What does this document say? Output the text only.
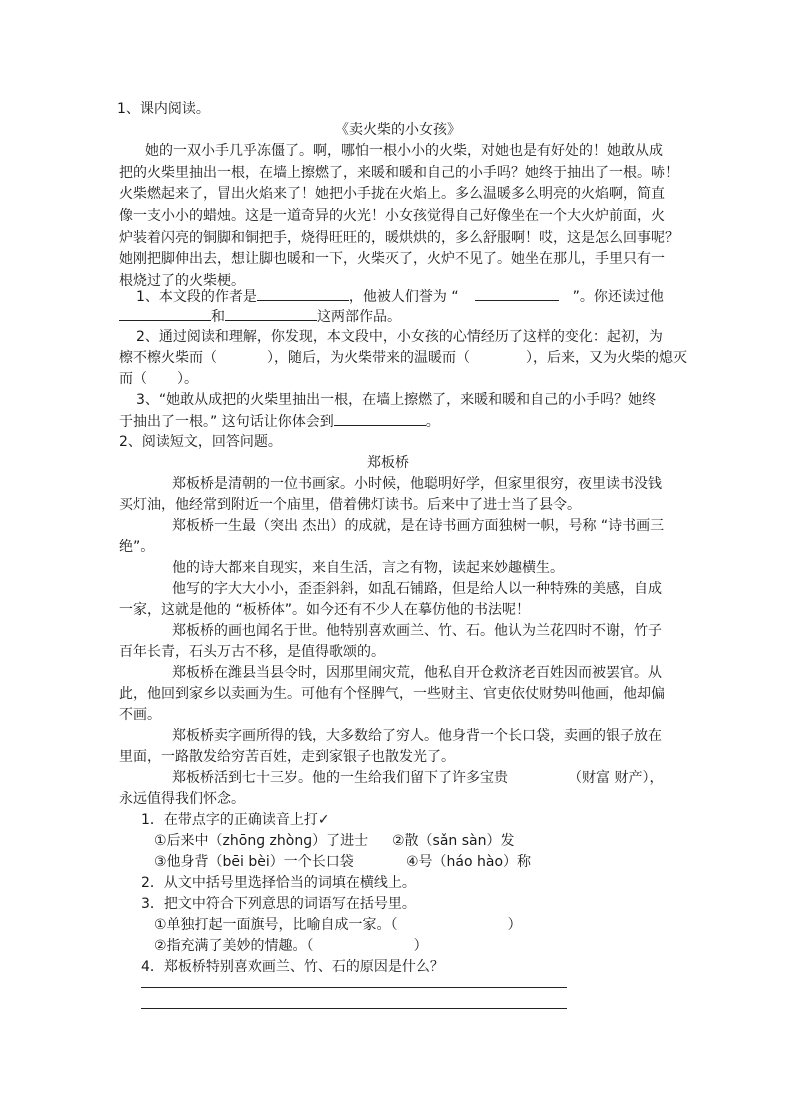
1、课内阅读。
《卖火柴的小女孩》
她的一双小手几乎冻僵了。啊，哪怕一根小小的火柴，对她也是有好处的！她敢从成
把的火柴里抽出一根，在墙上擦燃了，来暖和暖和自己的小手吗？她终于抽出了一根。哧！
火柴燃起来了，冒出火焰来了！她把小手拢在火焰上。多么温暖多么明亮的火焰啊，简直
像一支小小的蜡烛。这是一道奇异的火光！小女孩觉得自己好像坐在一个大火炉前面，火
炉装着闪亮的铜脚和铜把手，烧得旺旺的，暖烘烘的，多么舒服啊！哎，这是怎么回事呢？
她刚把脚伸出去，想让脚也暖和一下，火柴灭了，火炉不见了。她坐在那儿，手里只有一
根烧过了的火柴梗。
1、本文段的作者是	，他被人们誉为 “	”。你还读过他
和	这两部作品。
2、通过阅读和理解，你发现，本文段中，小女孩的心情经历了这样的变化：起初，为
檫不檫火柴而（	），随后，为火柴带来的温暖而（	），后来，又为火柴的熄灭
而（ ）。
3、“她敢从成把的火柴里抽出一根，在墙上擦燃了，来暖和暖和自己的小手吗？她终
于抽出了一根。” 这句话让你体会到	。
2、阅读短文，回答问题。
郑板桥
郑板桥是清朝的一位书画家。小时候，他聪明好学，但家里很穷，夜里读书没钱
买灯油，他经常到附近一个庙里，借着佛灯读书。后来中了进士当了县令。
郑板桥一生最（突出 杰出）的成就，是在诗书画方面独树一帜，号称 “诗书画三
绝”。
他的诗大都来自现实，来自生活，言之有物，读起来妙趣横生。
他写的字大大小小，歪歪斜斜，如乱石铺路，但是给人以一种特殊的美感，自成
一家，这就是他的 “板桥体”。如今还有不少人在摹仿他的书法呢！
郑板桥的画也闻名于世。他特别喜欢画兰、竹、石。他认为兰花四时不谢，竹子
百年长青，石头万古不移，是值得歌颂的。
郑板桥在潍县当县令时，因那里闹灾荒，他私自开仓救济老百姓因而被罢官。从
此，他回到家乡以卖画为生。可他有个怪脾气，一些财主、官吏依仗财势叫他画，他却偏
不画。
郑板桥卖字画所得的钱，大多数给了穷人。他身背一个长口袋，卖画的银子放在
里面，一路散发给穷苦百姓，走到家银子也散发光了。
郑板桥活到七十三岁。他的一生给我们留下了许多宝贵	（财富 财产），
永远值得我们怀念。
1．在带点字的正确读音上打✓
①后来中（zhōnɡ zhònɡ）了进士 ②散（sǎn sàn）发
③他身背（bēi bèi）一个长口袋	④号（háo hào）称
2．从文中括号里选择恰当的词填在横线上。
3．把文中符合下列意思的词语写在括号里。
①单独打起一面旗号，比喻自成一家。（	）
②指充满了美妙的情趣。（	）
4．郑板桥特别喜欢画兰、竹、石的原因是什么？
